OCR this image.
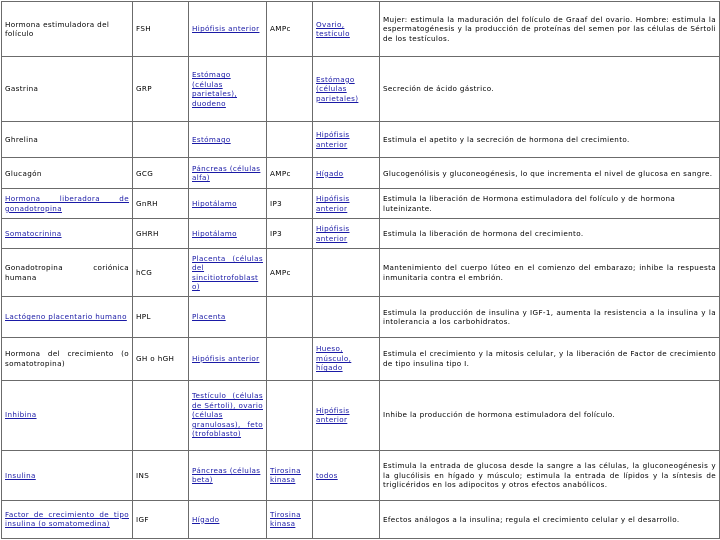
Hormona estimuladora del folículo	FSH	Hipófisis anterior	AMPc	Ovario, testículo	Mujer: estimula la maduración del folículo de Graaf del ovario. Hombre: estimula la espermatogénesis y la producción de proteínas del semen por las células de Sértoli de los testículos.
Gastrina	GRP	Estómago (células parietales), duodeno		Estómago (células parietales)	Secreción de ácido gástrico.
Ghrelina		Estómago		Hipófisis anterior	Estimula el apetito y la secreción de hormona del crecimiento.
Glucagón	GCG	Páncreas (células alfa)	AMPc	Hígado	Glucogenólisis y gluconeogénesis, lo que incrementa el nivel de glucosa en sangre.
Hormona liberadora de gonadotropina	GnRH	Hipotálamo	IP3	Hipófisis anterior	Estimula la liberación de Hormona estimuladora del folículo y de hormona luteinizante.
Somatocrinina	GHRH	Hipotálamo	IP3	Hipófisis anterior	Estimula la liberación de hormona del crecimiento.
Gonadotropina coriónica humana	hCG	Placenta (células del sincitiotrofoblast o)	AMPc		Mantenimiento del cuerpo lúteo en el comienzo del embarazo; inhibe la respuesta inmunitaria contra el embrión.
Lactógeno placentario humano	HPL	Placenta			Estimula la producción de insulina y IGF-1, aumenta la resistencia a la insulina y la intolerancia a los carbohidratos.
Hormona del crecimiento (o somatotropina)	GH o hGH	Hipófisis anterior		Hueso, músculo, hígado	Estimula el crecimiento y la mitosis celular, y la liberación de Factor de crecimiento de tipo insulina tipo I.
Inhibina		Testículo (células de Sértoli), ovario (células granulosas), feto (trofoblasto)		Hipófisis anterior	Inhibe la producción de hormona estimuladora del folículo.
Insulina	INS	Páncreas (células beta)	Tirosina kinasa	todos	Estimula la entrada de glucosa desde la sangre a las células, la gluconeogénesis y la glucólisis en hígado y músculo; estimula la entrada de lípidos y la síntesis de triglicéridos en los adipocitos y otros efectos anabólicos.
Factor de crecimiento de tipo insulina (o somatomedina)	IGF	Hígado	Tirosina kinasa		Efectos análogos a la insulina; regula el crecimiento celular y el desarrollo.
